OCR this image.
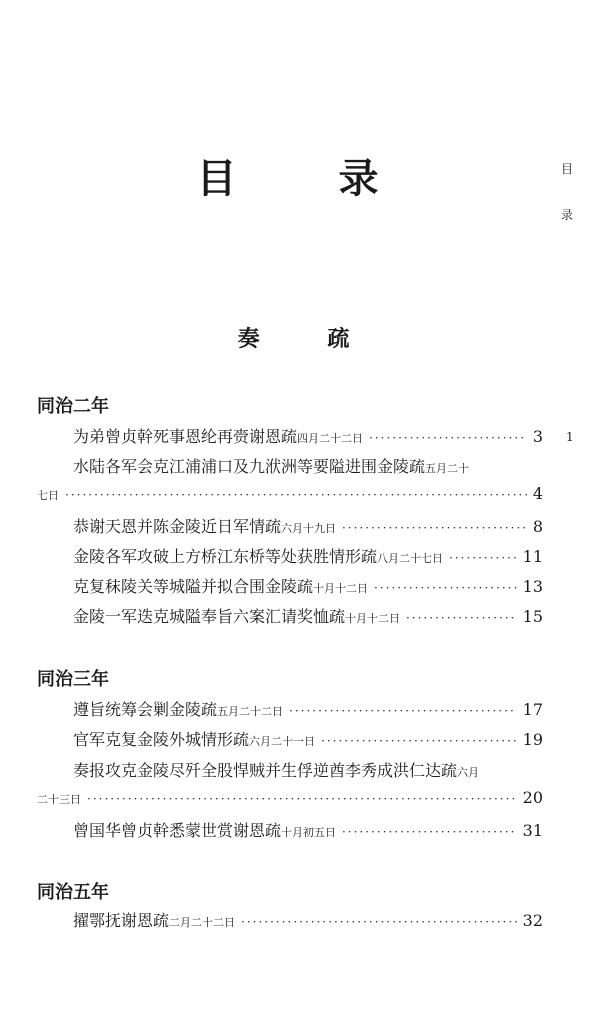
目 录	目
录
1
奏 疏
同治二年
为弟曾贞幹死事恩纶再赍谢恩疏 四月二十二日 ·····	3
水陆各军会克江浦浦口及九洑洲等要隘进围金陵疏五月二十
七日 ·····	4
恭谢天恩并陈金陵近日军情疏 六月十九日 ·····	8
金陵各军攻破上方桥江东桥等处获胜情形疏 八月二十七日 ·····	11
克复秣陵关等城隘并拟合围金陵疏 十月十二日 ·····	13
金陵一军迭克城隘奉旨六案汇请奖恤疏 十月十二日 ·····	15
同治三年
遵旨统筹会剿金陵疏 五月二十二日 ·····	17
官军克复金陵外城情形疏 六月二十一日 ·····	19
奏报攻克金陵尽歼全股悍贼并生俘逆酋李秀成洪仁达疏六月
二十三日 ·····	20
曾国华曾贞幹悉蒙世赏谢恩疏 十月初五日 ·····	31
同治五年
擢鄂抚谢恩疏 二月二十二日 ·····	32
